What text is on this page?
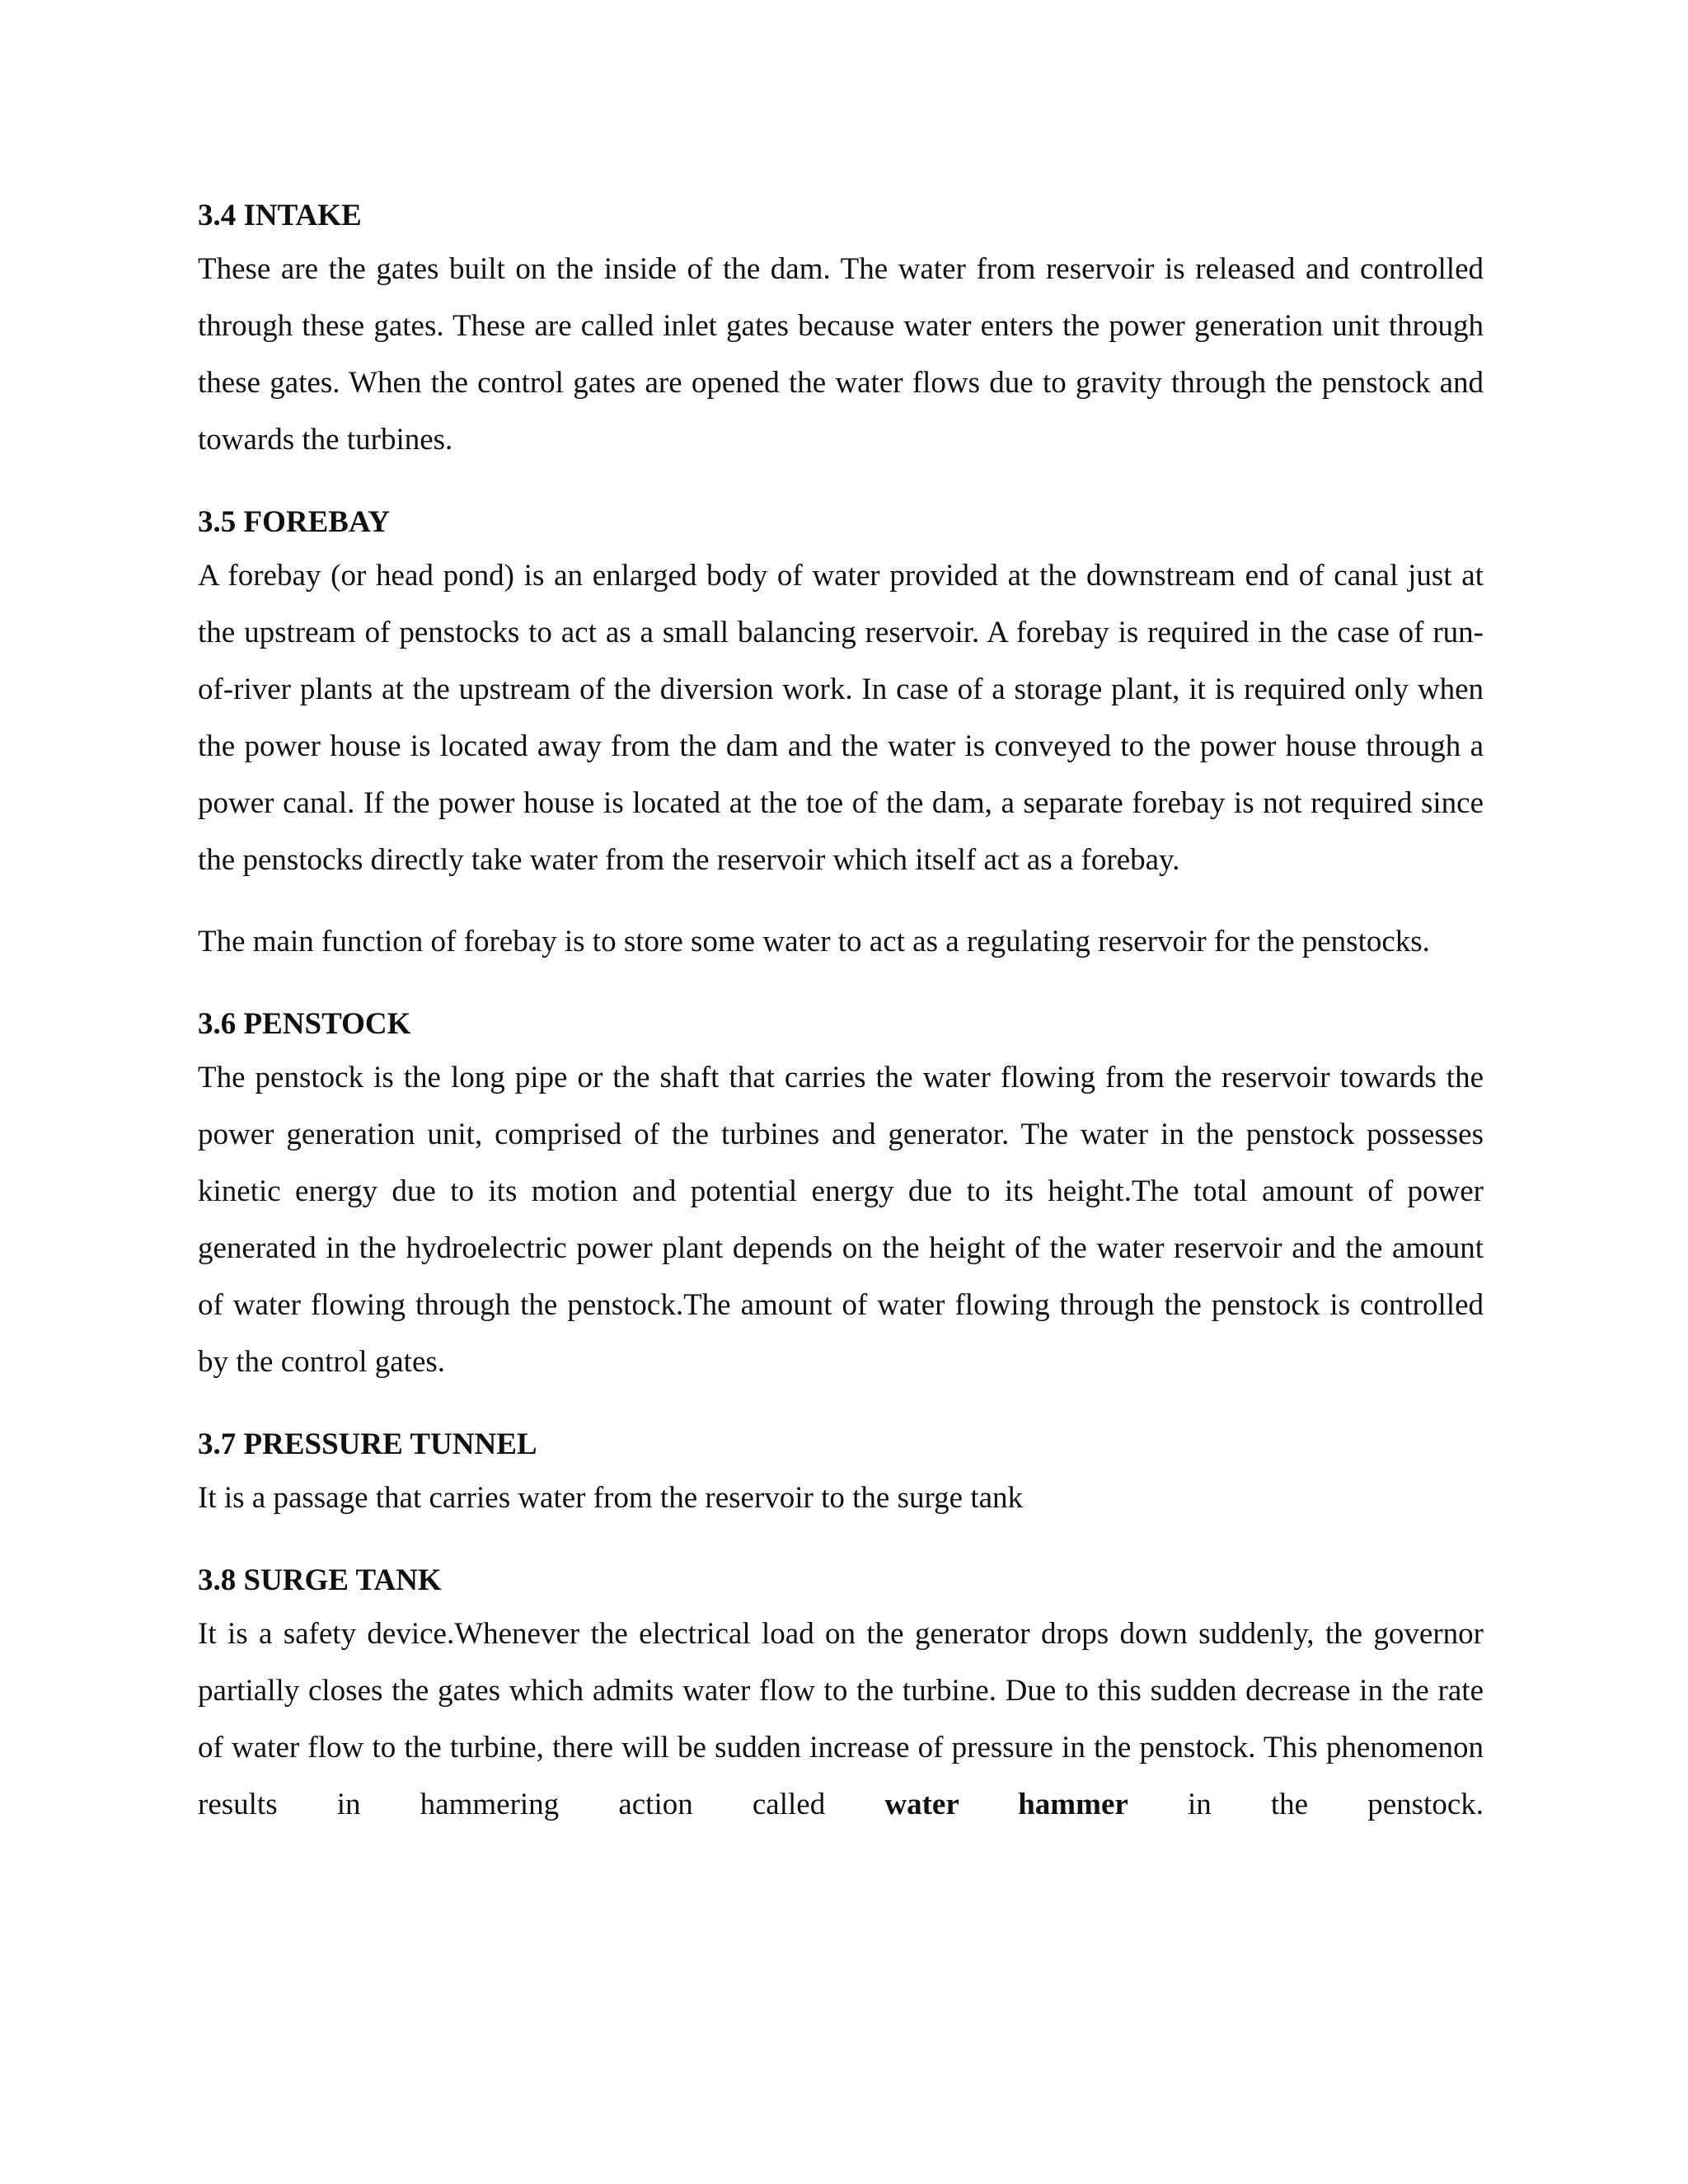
3.4 INTAKE

These are the gates built on the inside of the dam. The water from reservoir is released and controlled through these gates. These are called inlet gates because water enters the power generation unit through these gates. When the control gates are opened the water flows due to gravity through the penstock and towards the turbines.

3.5 FOREBAY

A forebay (or head pond) is an enlarged body of water provided at the downstream end of canal just at the upstream of penstocks to act as a small balancing reservoir. A forebay is required in the case of run-of-river plants at the upstream of the diversion work. In case of a storage plant, it is required only when the power house is located away from the dam and the water is conveyed to the power house through a power canal. If the power house is located at the toe of the dam, a separate forebay is not required since the penstocks directly take water from the reservoir which itself act as a forebay.

The main function of forebay is to store some water to act as a regulating reservoir for the penstocks.

3.6 PENSTOCK

The penstock is the long pipe or the shaft that carries the water flowing from the reservoir towards the power generation unit, comprised of the turbines and generator. The water in the penstock possesses kinetic energy due to its motion and potential energy due to its height.The total amount of power generated in the hydroelectric power plant depends on the height of the water reservoir and the amount of water flowing through the penstock.The amount of water flowing through the penstock is controlled by the control gates.

3.7 PRESSURE TUNNEL

It is a passage that carries water from the reservoir to the surge tank

3.8 SURGE TANK

It is a safety device.Whenever the electrical load on the generator drops down suddenly, the governor partially closes the gates which admits water flow to the turbine. Due to this sudden decrease in the rate of water flow to the turbine, there will be sudden increase of pressure in the penstock. This phenomenon results in hammering action called water hammer in the penstock.
